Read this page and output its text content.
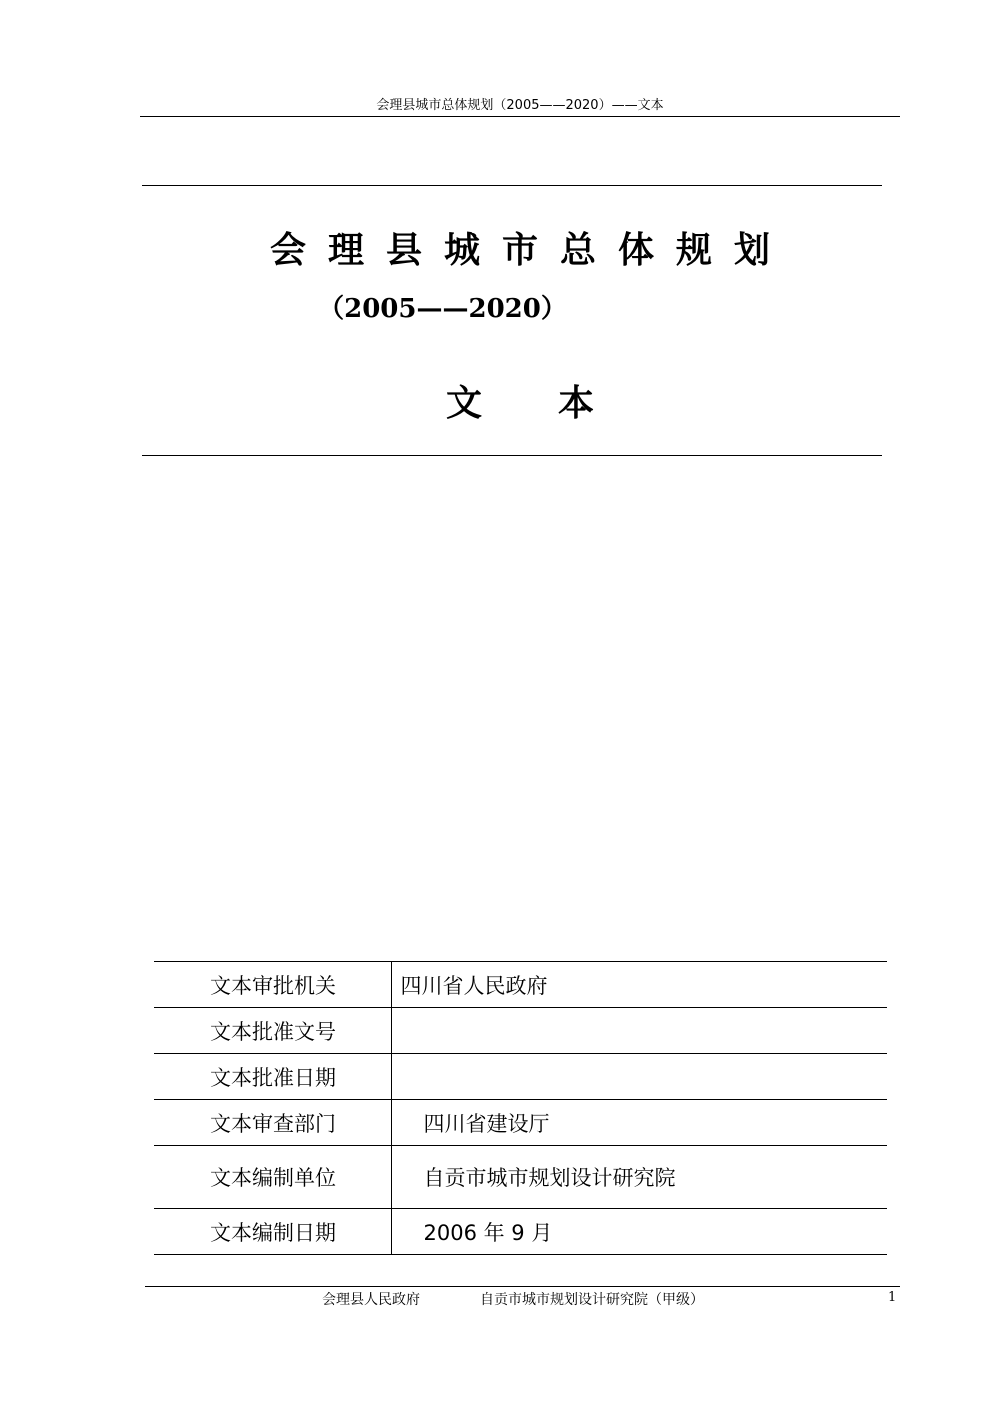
会理县城市总体规划（2005——2020）——文本
会理县城市总体规划
（2005——2020）
文 本
文本审批机关	四川省人民政府
文本批准文号	
文本批准日期	
文本审查部门	四川省建设厅
文本编制单位	自贡市城市规划设计研究院
文本编制日期	2006 年 9 月
会理县人民政府	自贡市城市规划设计研究院（甲级）	1
